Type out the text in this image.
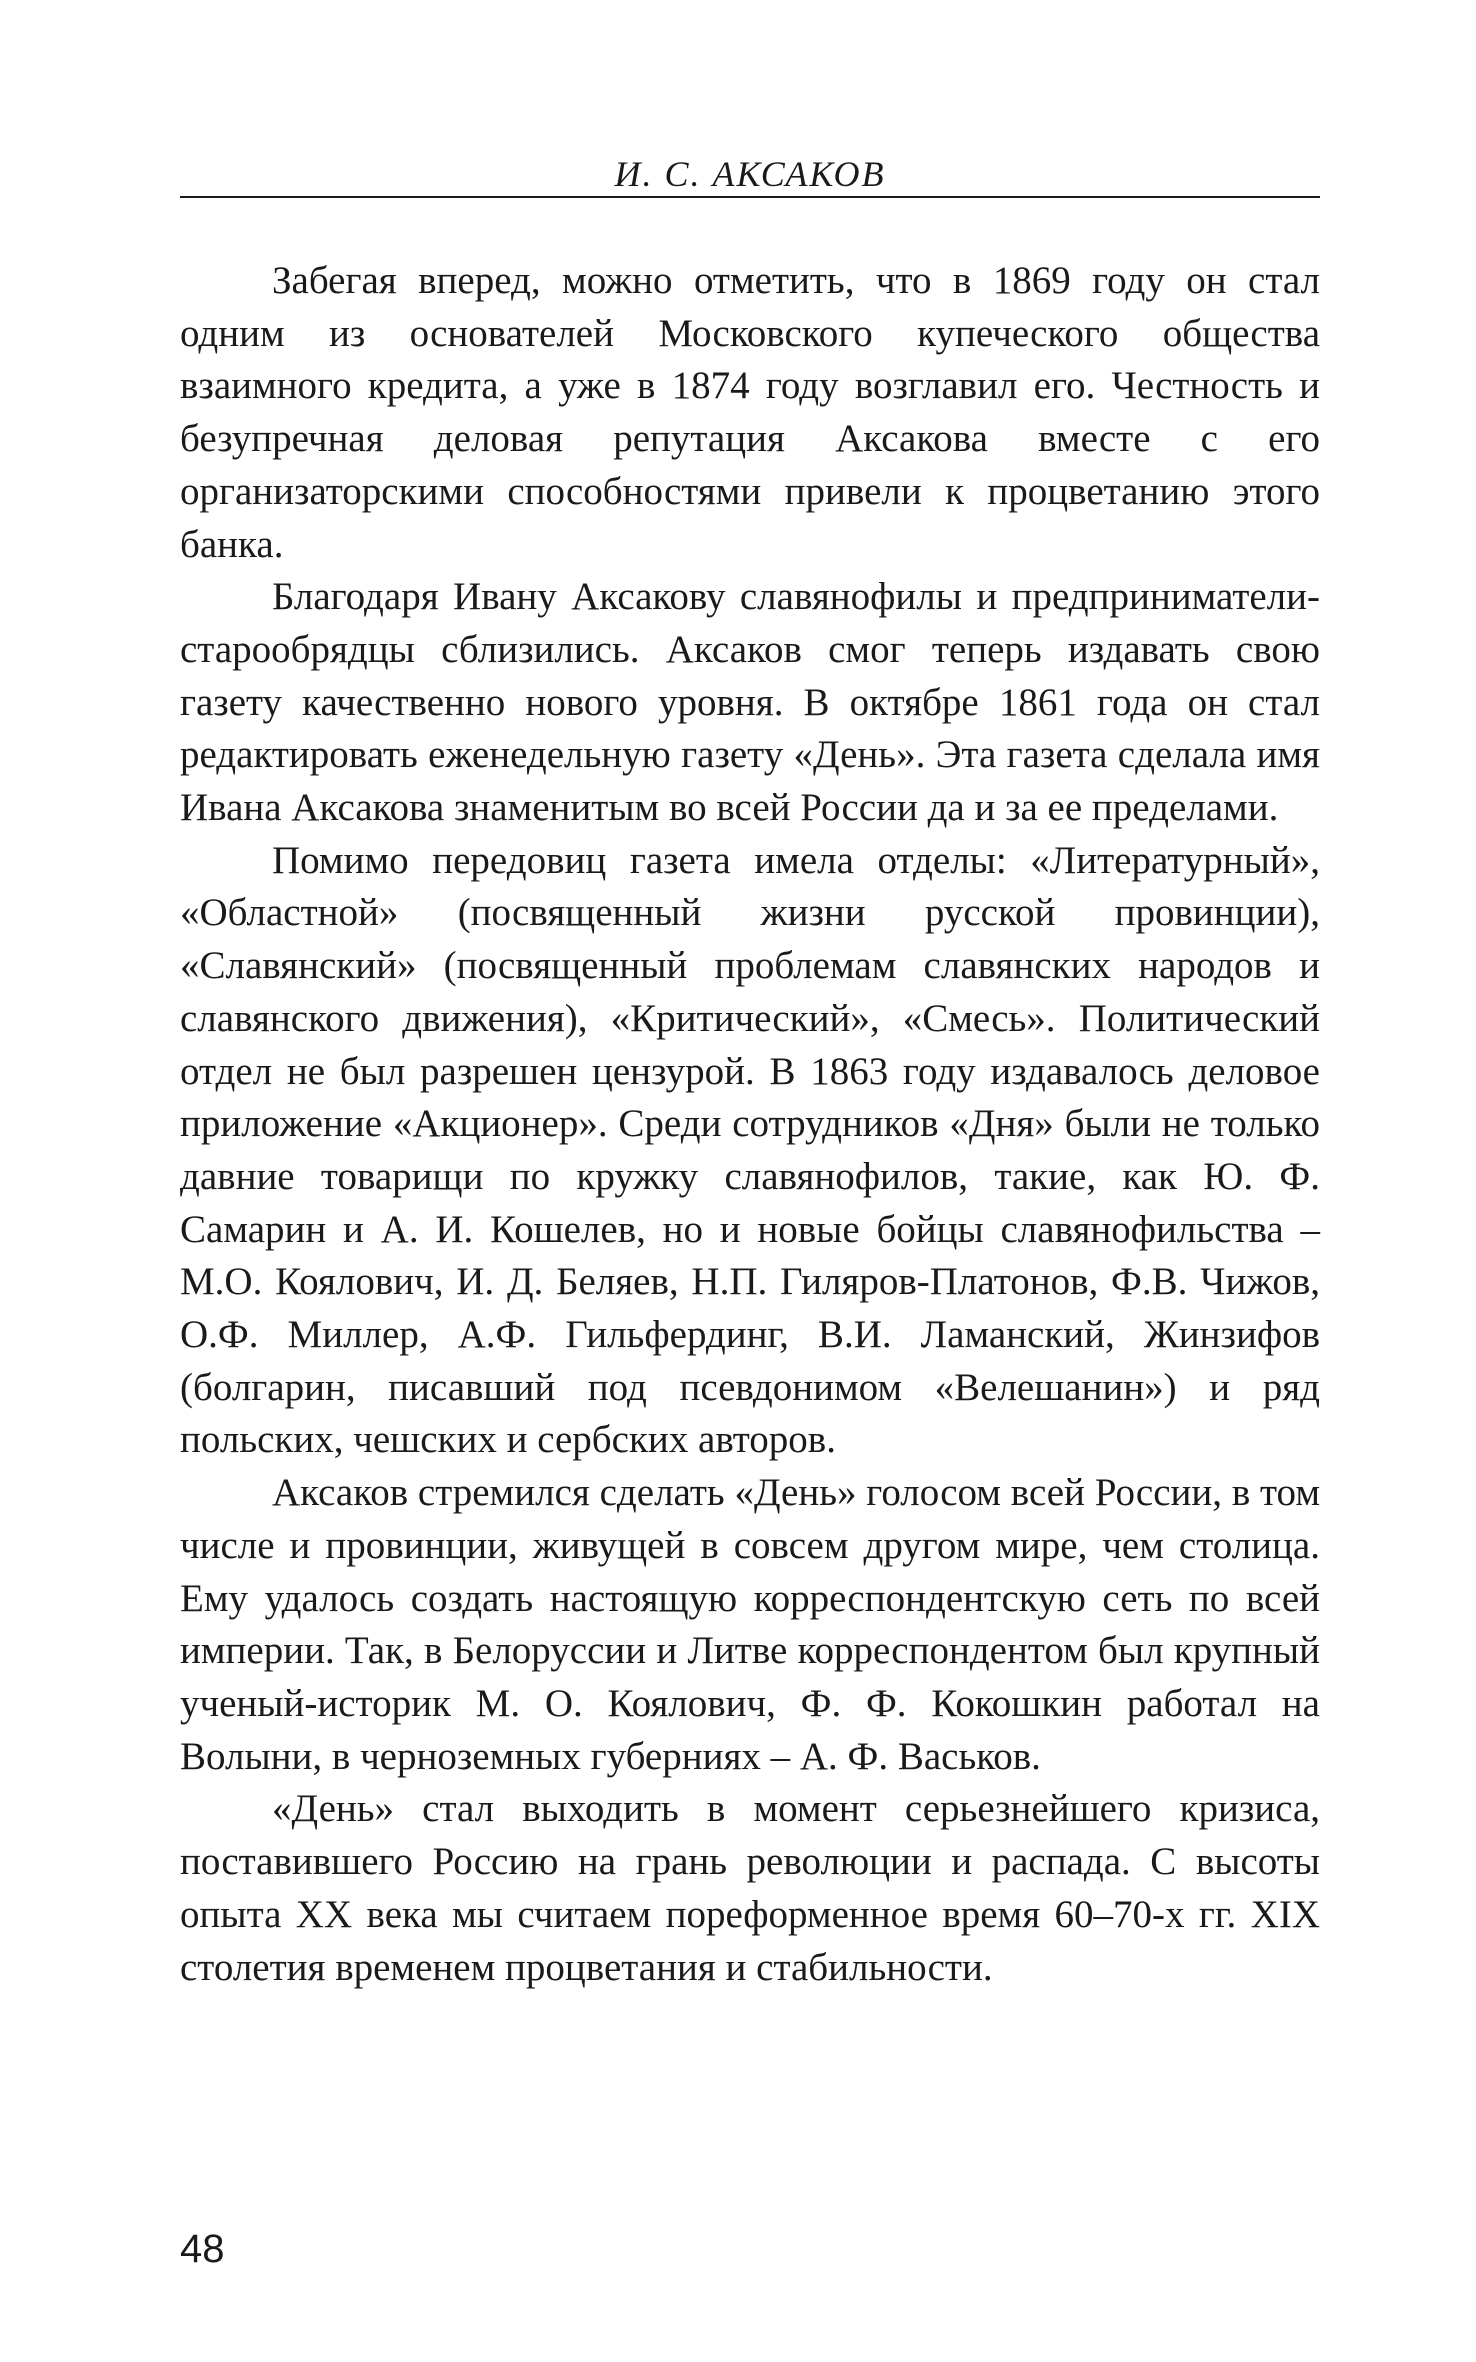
И. С. АКСАКОВ

Забегая вперед, можно отметить, что в 1869 году он стал одним из основателей Московского купеческого общества взаимного кредита, а уже в 1874 году возглавил его. Честность и безупречная деловая репутация Аксакова вместе с его организаторскими способностями привели к процветанию этого банка.

Благодаря Ивану Аксакову славянофилы и предприниматели-старообрядцы сблизились. Аксаков смог теперь издавать свою газету качественно нового уровня. В октябре 1861 года он стал редактировать еженедельную газету «День». Эта газета сделала имя Ивана Аксакова знаменитым во всей России да и за ее пределами.

Помимо передовиц газета имела отделы: «Литературный», «Областной» (посвященный жизни русской провинции), «Славянский» (посвященный проблемам славянских народов и славянского движения), «Критический», «Смесь». Политический отдел не был разрешен цензурой. В 1863 году издавалось деловое приложение «Акционер». Среди сотрудников «Дня» были не только давние товарищи по кружку славянофилов, такие, как Ю. Ф. Самарин и А. И. Кошелев, но и новые бойцы славянофильства – М.О. Коялович, И. Д. Беляев, Н.П. Гиляров-Платонов, Ф.В. Чижов, О.Ф. Миллер, А.Ф. Гильфердинг, В.И. Ламанский, Жинзифов (болгарин, писавший под псевдонимом «Велешанин») и ряд польских, чешских и сербских авторов.

Аксаков стремился сделать «День» голосом всей России, в том числе и провинции, живущей в совсем другом мире, чем столица. Ему удалось создать настоящую корреспондентскую сеть по всей империи. Так, в Белоруссии и Литве корреспондентом был крупный ученый-историк М. О. Коялович, Ф. Ф. Кокошкин работал на Волыни, в черноземных губерниях – А. Ф. Васьков.

«День» стал выходить в момент серьезнейшего кризиса, поставившего Россию на грань революции и распада. С высоты опыта XX века мы считаем пореформенное время 60–70-х гг. XIX столетия временем процветания и стабильности.

48
